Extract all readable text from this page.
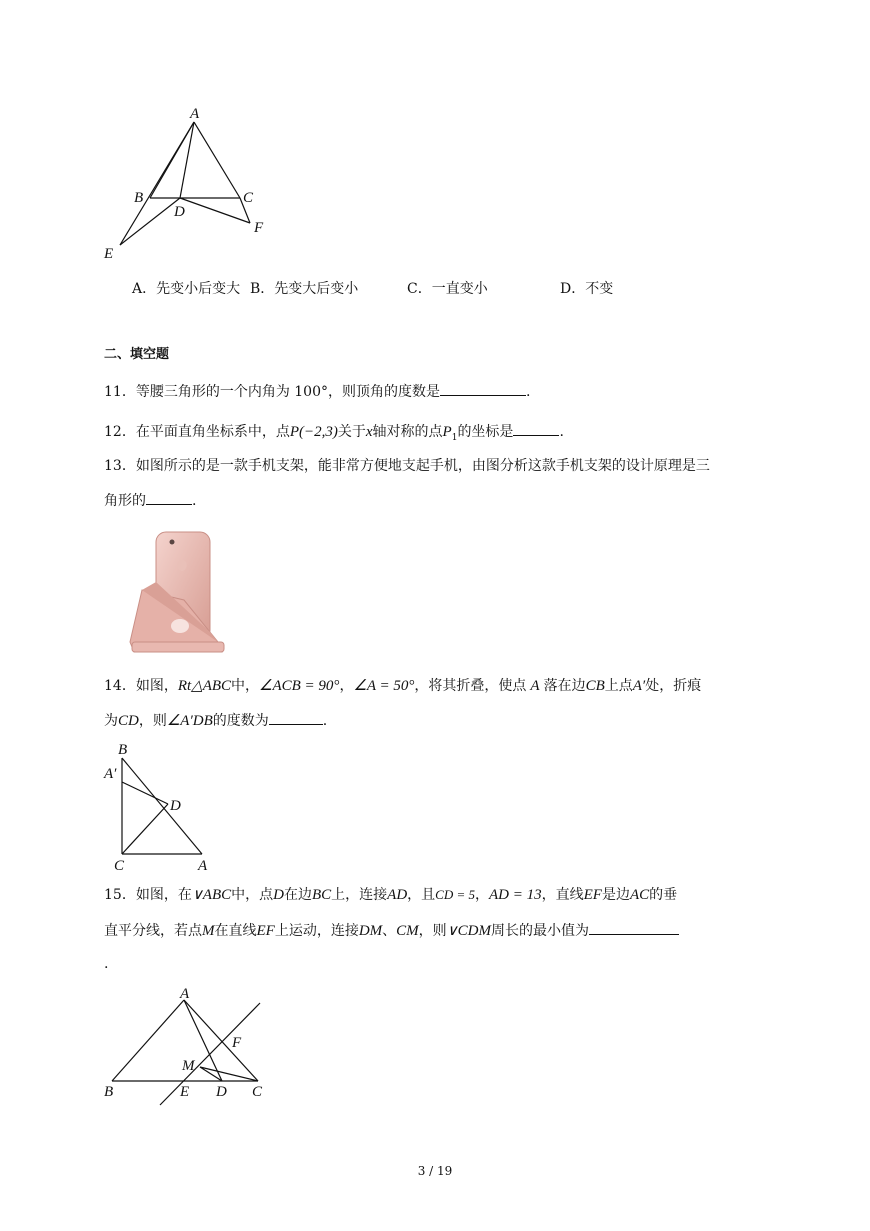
A
B	C
D
E
F
A．先变小后变大 B．先变大后变小	C．一直变小	D．不变
二、填空题
11．等腰三角形的一个内角为 100°，则顶角的度数是	.
12．在平面直角坐标系中，点P(−2,3)关于x轴对称的点$P_1$的坐标是	.
13．如图所示的是一款手机支架，能非常方便地支起手机，由图分析这款手机支架的设计原理是三
角形的	.
14．如图，Rt△ABC中，∠ACB = 90°，∠A = 50°，将其折叠，使点 A 落在边CB上点A′处，折痕
为CD，则∠A′DB的度数为	.
B
A′
D
C	A
15．如图，在∨ABC中，点D在边BC上，连接AD，且CD = 5，AD = 13，直线EF是边AC的垂
直平分线，若点M在直线EF上运动，连接DM、CM，则∨CDM周长的最小值为
.
A
F
M
B	E D C
3 / 19
